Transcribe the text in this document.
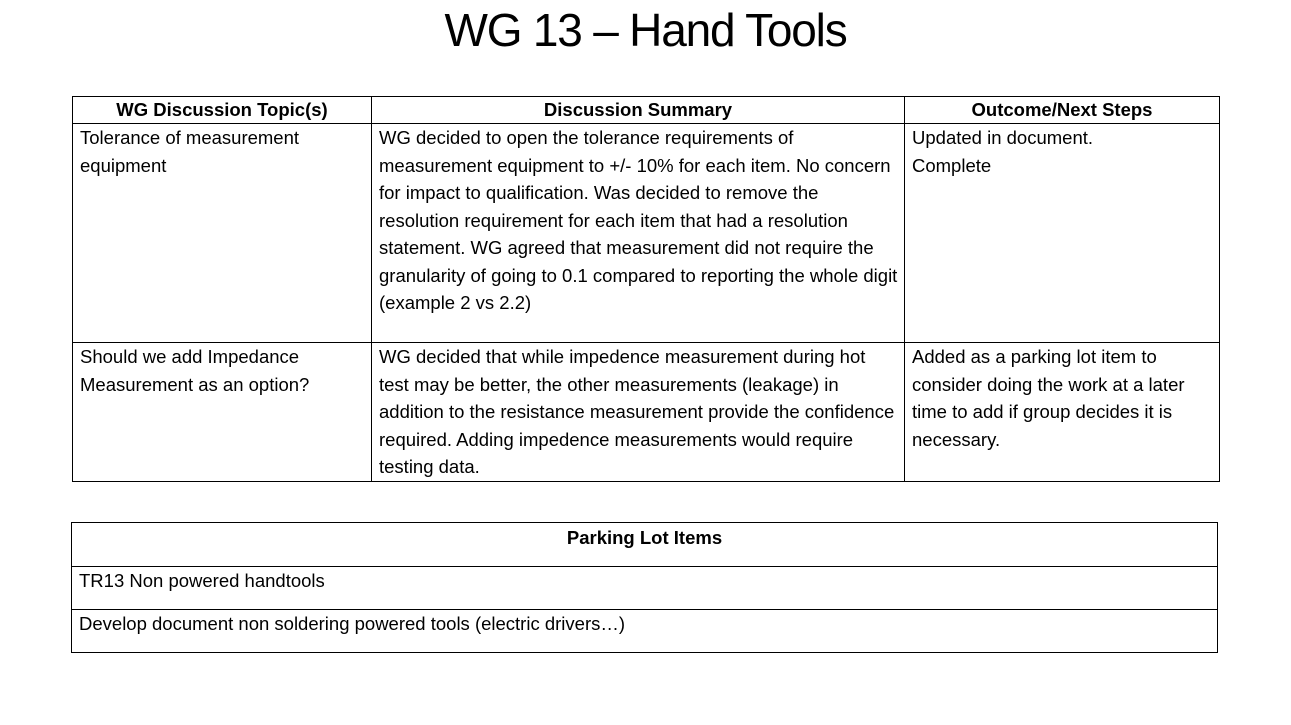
WG 13 – Hand Tools
WG Discussion Topic(s)	Discussion Summary	Outcome/Next Steps
Tolerance of measurement equipment	WG decided to open the tolerance requirements of measurement equipment to +/- 10% for each item. No concern for impact to qualification. Was decided to remove the resolution requirement for each item that had a resolution statement. WG agreed that measurement did not require the granularity of going to 0.1 compared to reporting the whole digit (example 2 vs 2.2)	Updated in document. Complete
Should we add Impedance Measurement as an option?	WG decided that while impedence measurement during hot test may be better, the other measurements (leakage) in addition to the resistance measurement provide the confidence required. Adding impedence measurements would require testing data.	Added as a parking lot item to consider doing the work at a later time to add if group decides it is necessary.
Parking Lot Items
TR13 Non powered handtools
Develop document non soldering powered tools (electric drivers…)
